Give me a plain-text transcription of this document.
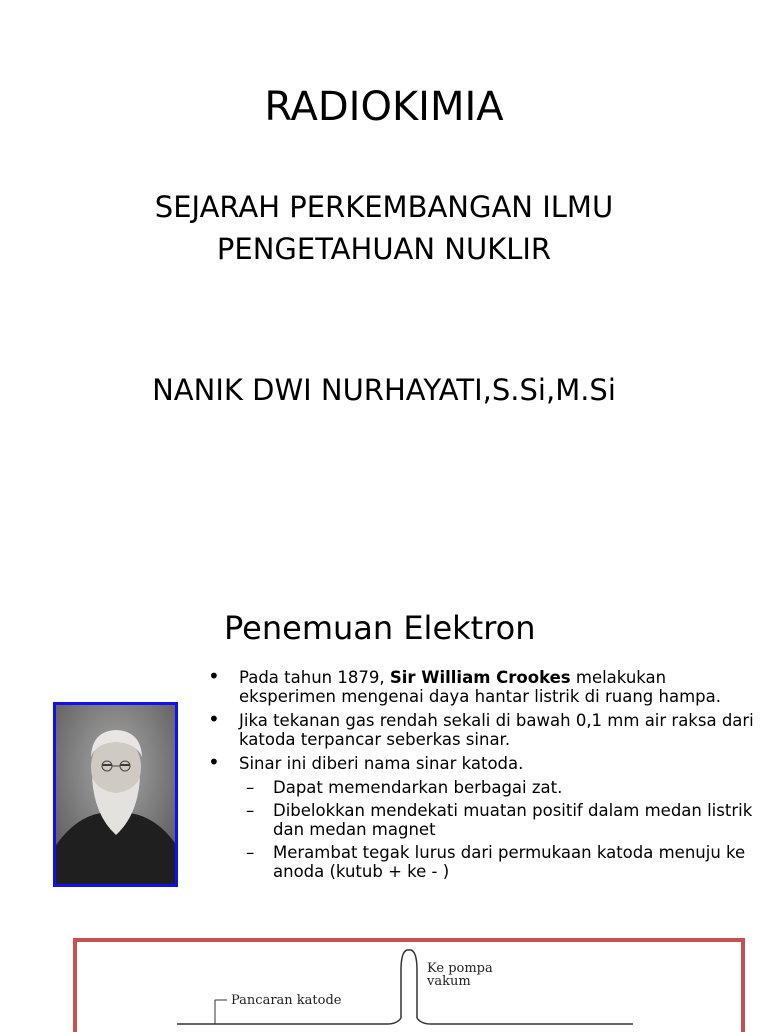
RADIOKIMIA
SEJARAH PERKEMBANGAN ILMU
PENGETAHUAN NUKLIR
NANIK DWI NURHAYATI,S.Si,M.Si
Penemuan Elektron
• Pada tahun 1879, Sir William Crookes melakukan eksperimen mengenai daya hantar listrik di ruang hampa.
• Jika tekanan gas rendah sekali di bawah 0,1 mm air raksa dari katoda terpancar seberkas sinar.
• Sinar ini diberi nama sinar katoda.
– Dapat memendarkan berbagai zat.
– Dibelokkan mendekati muatan positif dalam medan listrik dan medan magnet
– Merambat tegak lurus dari permukaan katoda menuju ke anoda (kutub + ke - )
Ke pompa
vakum
Pancaran katode
